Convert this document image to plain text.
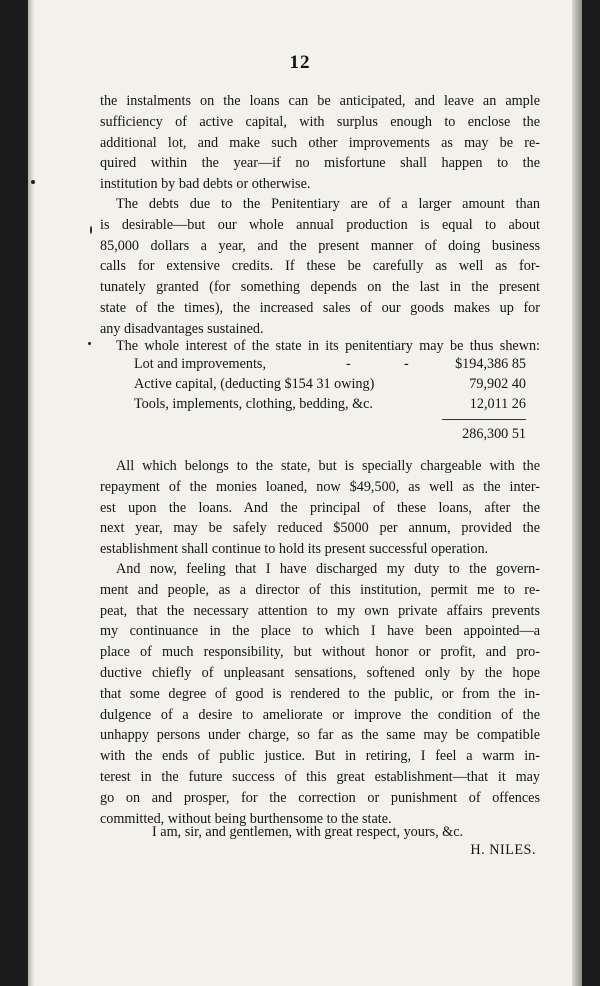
12
the instalments on the loans can be anticipated, and leave an ample
sufficiency of active capital, with surplus enough to enclose the
additional lot, and make such other improvements as may be re-
quired within the year—if no misfortune shall happen to the
institution by bad debts or otherwise.
The debts due to the Penitentiary are of a larger amount than
is desirable—but our whole annual production is equal to about
85,000 dollars a year, and the present manner of doing business
calls for extensive credits. If these be carefully as well as for-
tunately granted (for something depends on the last in the present
state of the times), the increased sales of our goods makes up for
any disadvantages sustained.
The whole interest of the state in its penitentiary may be thus shewn:
Lot and improvements,	-	-	$194,386 85
Active capital, (deducting $154 31 owing)	79,902 40
Tools, implements, clothing, bedding, &c.	12,011 26
286,300 51
All which belongs to the state, but is specially chargeable with the
repayment of the monies loaned, now $49,500, as well as the inter-
est upon the loans. And the principal of these loans, after the
next year, may be safely reduced $5000 per annum, provided the
establishment shall continue to hold its present successful operation.
And now, feeling that I have discharged my duty to the govern-
ment and people, as a director of this institution, permit me to re-
peat, that the necessary attention to my own private affairs prevents
my continuance in the place to which I have been appointed—a
place of much responsibility, but without honor or profit, and pro-
ductive chiefly of unpleasant sensations, softened only by the hope
that some degree of good is rendered to the public, or from the in-
dulgence of a desire to ameliorate or improve the condition of the
unhappy persons under charge, so far as the same may be compatible
with the ends of public justice. But in retiring, I feel a warm in-
terest in the future success of this great establishment—that it may
go on and prosper, for the correction or punishment of offences
committed, without being burthensome to the state.
I am, sir, and gentlemen, with great respect, yours, &c.
H. NILES.
